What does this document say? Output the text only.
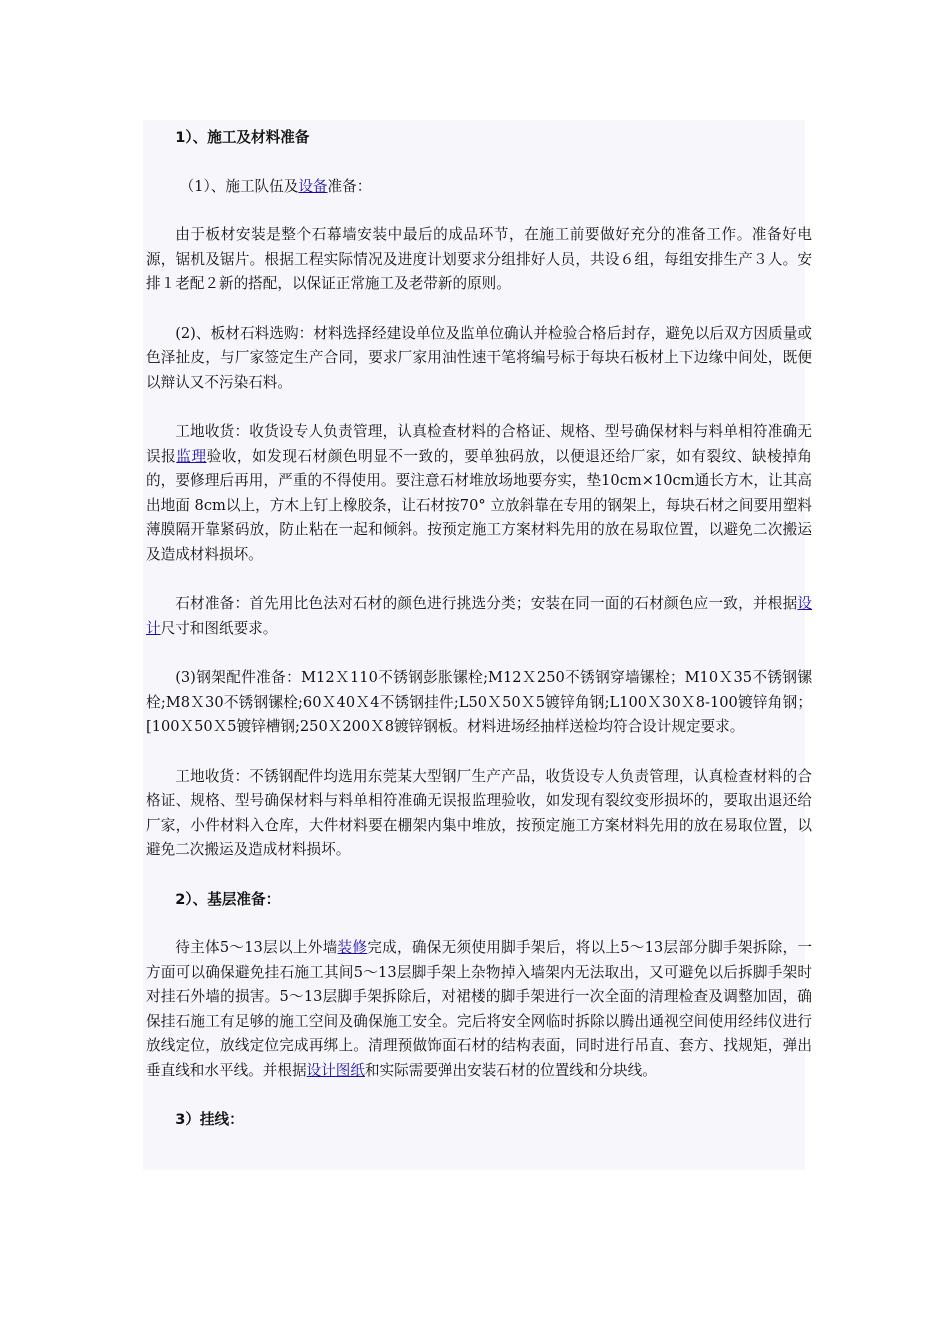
1）、施工及材料准备
（1）、施工队伍及设备准备：

由于板材安装是整个石幕墙安装中最后的成品环节，在施工前要做好充分的准备工作。准备好电源，锯机及锯片。根据工程实际情况及进度计划要求分组排好人员，共设６组，每组安排生产３人。安排１老配２新的搭配，以保证正常施工及老带新的原则。

(2)、板材石料选购：材料选择经建设单位及监单位确认并检验合格后封存，避免以后双方因质量或色泽扯皮，与厂家签定生产合同，要求厂家用油性速干笔将编号标于每块石板材上下边缘中间处，既便以辩认又不污染石料。

工地收货：收货设专人负责管理，认真检查材料的合格证、规格、型号确保材料与料单相符准确无误报监理验收，如发现石材颜色明显不一致的，要单独码放，以便退还给厂家，如有裂纹、缺棱掉角的，要修理后再用，严重的不得使用。要注意石材堆放场地要夯实，垫10cm×10cm通长方木，让其高出地面 8cm以上，方木上钉上橡胶条，让石材按70° 立放斜靠在专用的钢架上，每块石材之间要用塑料薄膜隔开靠紧码放，防止粘在一起和倾斜。按预定施工方案材料先用的放在易取位置，以避免二次搬运及造成材料损坏。

石材准备：首先用比色法对石材的颜色进行挑选分类；安装在同一面的石材颜色应一致，并根据设计尺寸和图纸要求。

(3)钢架配件准备：M12Ｘ110不锈钢彭胀镙栓;M12Ｘ250不锈钢穿墙镙栓；M10Ｘ35不锈钢镙栓;M8Ｘ30不锈钢镙栓;60Ｘ40Ｘ4不锈钢挂件;L50Ｘ50Ｘ5镀锌角钢;L100Ｘ30Ｘ8-100镀锌角钢；[100Ｘ50Ｘ5镀锌槽钢;250Ｘ200Ｘ8镀锌钢板。材料进场经抽样送检均符合设计规定要求。

工地收货：不锈钢配件均选用东莞某大型钢厂生产产品，收货设专人负责管理，认真检查材料的合格证、规格、型号确保材料与料单相符准确无误报监理验收，如发现有裂纹变形损坏的，要取出退还给厂家，小件材料入仓库，大件材料要在棚架内集中堆放，按预定施工方案材料先用的放在易取位置，以避免二次搬运及造成材料损坏。

2）、基层准备：

待主体5～13层以上外墙装修完成，确保无须使用脚手架后，将以上5～13层部分脚手架拆除，一方面可以确保避免挂石施工其间5～13层脚手架上杂物掉入墙架内无法取出，又可避免以后拆脚手架时对挂石外墙的损害。5～13层脚手架拆除后，对裙楼的脚手架进行一次全面的清理检查及调整加固，确保挂石施工有足够的施工空间及确保施工安全。完后将安全网临时拆除以腾出通视空间使用经纬仪进行放线定位，放线定位完成再绑上。清理预做饰面石材的结构表面，同时进行吊直、套方、找规矩，弹出垂直线和水平线。并根据设计图纸和实际需要弹出安装石材的位置线和分块线。

3）挂线：
